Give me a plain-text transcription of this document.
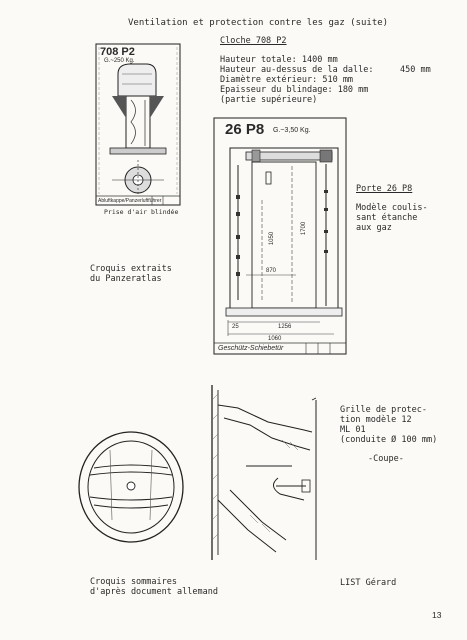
Ventilation et protection contre les gaz (suite)
708 P2
G.~250 Kg.
Abluftkappe/Panzerluftführer
Prise d'air blindée
Cloche 708 P2
Hauteur totale: 1400 mm
Hauteur au-dessus de la dalle:
Diamètre extérieur: 510 mm
Epaisseur du blindage: 180 mm
(partie supérieure)
450 mm
26 P8 G.~3,50 Kg.
1700
1050
870
1256
1060
25
Geschütz-Schiebetür
Porte 26 P8
Modèle coulis-
sant étanche
aux gaz
Croquis extraits
du Panzeratlas
Grille de protec-
tion modèle 12
ML 01
(conduite Ø 100 mm)
-Coupe-
Croquis sommaires
d'après document allemand
LIST Gérard
13
